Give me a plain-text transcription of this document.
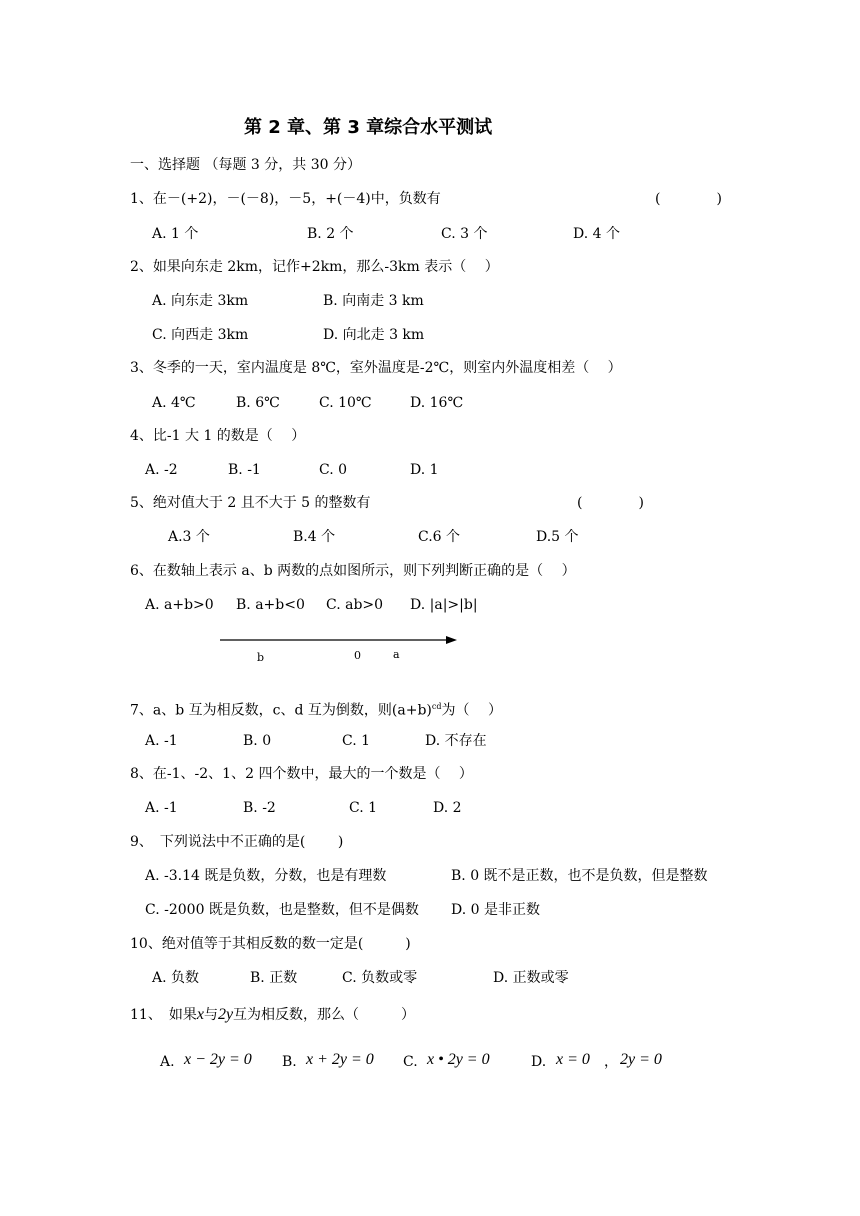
第 2 章、第 3 章综合水平测试
一、选择题 （每题 3 分，共 30 分）
1、在－(+2)，－(－8)，－5，+(－4)中，负数有	(　　　　)
A. 1 个	B. 2 个	C. 3 个	D. 4 个
2、如果向东走 2km，记作+2km，那么-3km 表示（　 ）
A. 向东走 3km	B. 向南走 3 km
C. 向西走 3km	D. 向北走 3 km
3、冬季的一天，室内温度是 8℃，室外温度是-2℃，则室内外温度相差（　 ）
A. 4℃	B. 6℃	C. 10℃	D. 16℃
4、比-1 大 1 的数是（　 ）
A. -2	B. -1	C. 0	D. 1
5、绝对值大于 2 且不大于 5 的整数有	(　　　　)
A.3 个	B.4 个	C.6 个	D.5 个
6、在数轴上表示 a、b 两数的点如图所示，则下列判断正确的是（　 ）
A. a+b>0 B. a+b<0 C. ab>0 D. |a|>|b|
b	0	a
7、a、b 互为相反数，c、d 互为倒数，则$(a+b)^{cd}$为（　 ）
A. -1	B. 0	C. 1	D. 不存在
8、在-1、-2、1、2 四个数中，最大的一个数是（　 ）
A. -1	B. -2	C. 1	D. 2
9、　下列说法中不正确的是(　　 )
A. -3.14 既是负数，分数，也是有理数	B. 0 既不是正数，也不是负数，但是整数
C. -2000 既是负数，也是整数，但不是偶数 D. 0 是非正数
10、绝对值等于其相反数的数一定是(　　　)
A. 负数	B. 正数	C. 负数或零	D. 正数或零
11、　如果x与2y互为相反数，那么（　　　）
A. x − 2y = 0 B. x + 2y = 0 C. x • 2y = 0	D. x = 0 ， 2y = 0
